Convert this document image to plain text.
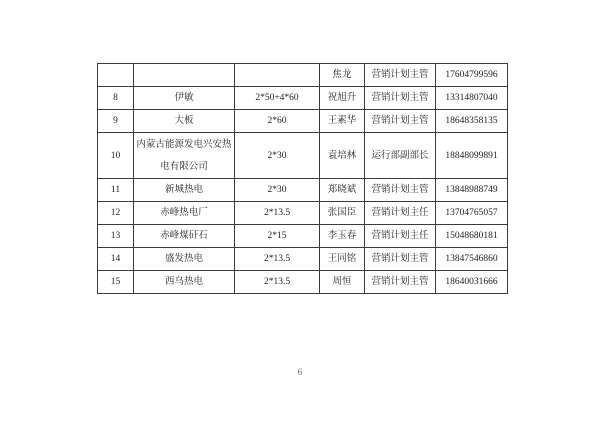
			焦龙	营销计划主管	17604799596
8	伊敏	2*50+4*60	祝旭升	营销计划主管	13314807040
9	大板	2*60	王素华	营销计划主管	18648358135
10	内蒙古能源发电兴安热电有限公司	2*30	袁培林	运行部副部长	18848099891
11	新城热电	2*30	郑晓斌	营销计划主管	13848988749
12	赤峰热电厂	2*13.5	张国臣	营销计划主任	13704765057
13	赤峰煤矸石	2*15	李玉春	营销计划主任	15048680181
14	盛发热电	2*13.5	王同铭	营销计划主管	13847546860
15	西乌热电	2*13.5	周恒	营销计划主管	18640031666
6
